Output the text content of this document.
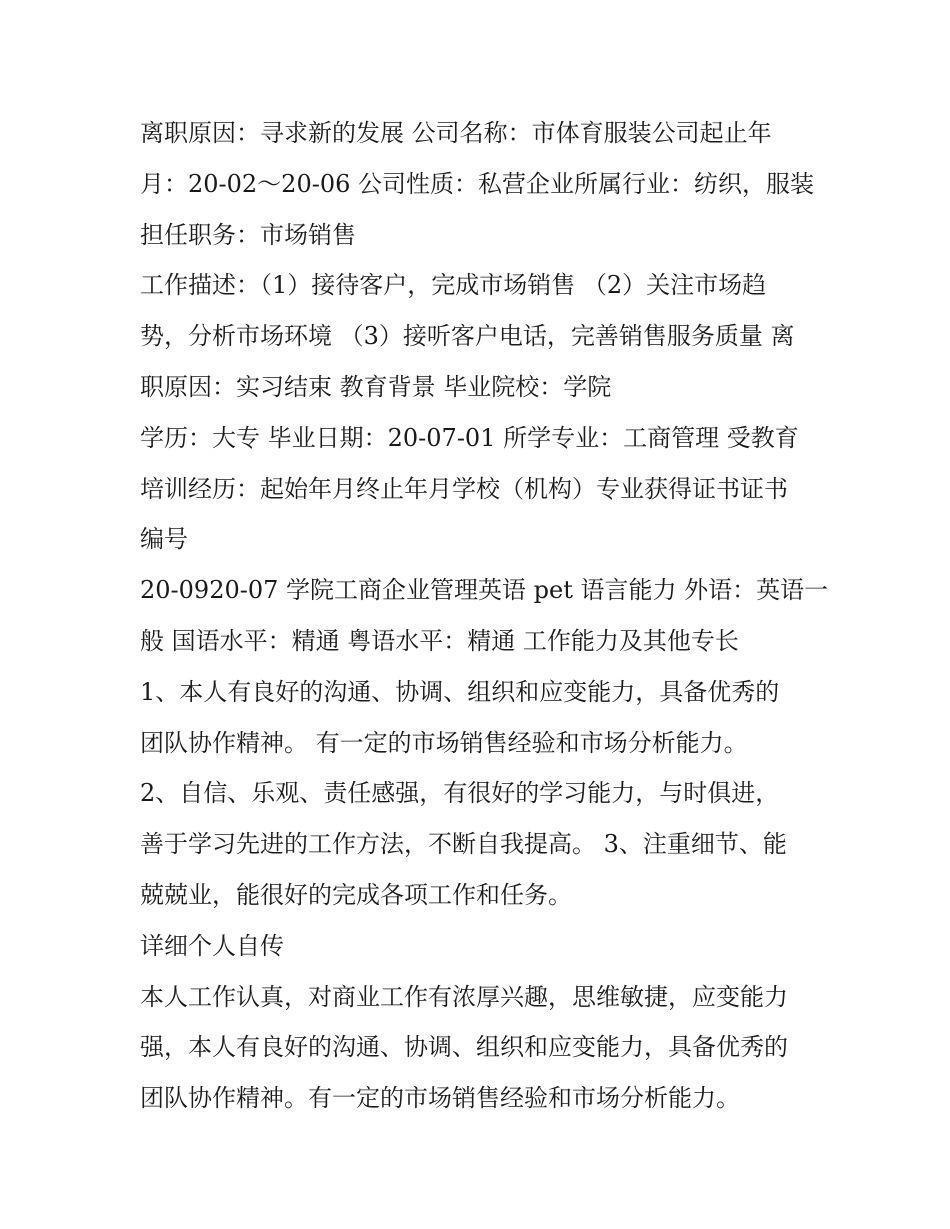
离职原因：寻求新的发展 公司名称：市体育服装公司起止年
月：20-02～20-06 公司性质：私营企业所属行业：纺织，服装
担任职务：市场销售
工作描述：（1）接待客户，完成市场销售 （2）关注市场趋
势，分析市场环境 （3）接听客户电话，完善销售服务质量 离
职原因：实习结束 教育背景 毕业院校：学院
学历：大专 毕业日期：20-07-01 所学专业：工商管理 受教育
培训经历：起始年月终止年月学校（机构）专业获得证书证书
编号
20-0920-07 学院工商企业管理英语 pet 语言能力 外语：英语一
般 国语水平：精通 粤语水平：精通 工作能力及其他专长
1、本人有良好的沟通、协调、组织和应变能力，具备优秀的
团队协作精神。 有一定的市场销售经验和市场分析能力。
2、自信、乐观、责任感强，有很好的学习能力，与时俱进，
善于学习先进的工作方法，不断自我提高。 3、注重细节、能
兢兢业，能很好的完成各项工作和任务。
详细个人自传
本人工作认真，对商业工作有浓厚兴趣，思维敏捷，应变能力
强，本人有良好的沟通、协调、组织和应变能力，具备优秀的
团队协作精神。有一定的市场销售经验和市场分析能力。
